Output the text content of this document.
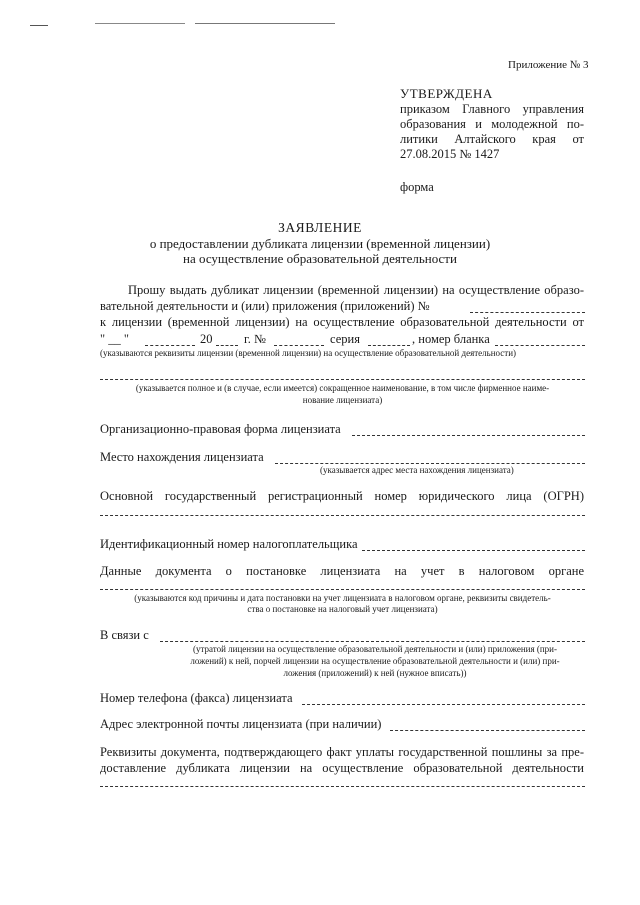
Приложение № 3
УТВЕРЖДЕНА
приказом Главного управления
образования и молодежной по-
литики Алтайского края от
27.08.2015 № 1427
форма
ЗАЯВЛЕНИЕ
о предоставлении дубликата лицензии (временной лицензии)
на осуществление образовательной деятельности
Прошу выдать дубликат лицензии (временной лицензии) на осуществление образо-
вательной деятельности и (или) приложения (приложений) №
к лицензии (временной лицензии) на осуществление образовательной деятельности от
" __ "	20	г. №	серия	, номер бланка
(указываются реквизиты лицензии (временной лицензии) на осуществление образовательной деятельности)
(указывается полное и (в случае, если имеется) сокращенное наименование, в том числе фирменное наиме-
нование лицензиата)
Организационно-правовая форма лицензиата
Место нахождения лицензиата
(указывается адрес места нахождения лицензиата)
Основной государственный регистрационный номер юридического лица (ОГРН)
Идентификационный номер налогоплательщика
Данные документа о постановке лицензиата на учет в налоговом органе
(указываются код причины и дата постановки на учет лицензиата в налоговом органе, реквизиты свидетель-
ства о постановке на налоговый учет лицензиата)
В связи с
(утратой лицензии на осуществление образовательной деятельности и (или) приложения (при-
ложений) к ней, порчей лицензии на осуществление образовательной деятельности и (или) при-
ложения (приложений) к ней (нужное вписать))
Номер телефона (факса) лицензиата
Адрес электронной почты лицензиата (при наличии)
Реквизиты документа, подтверждающего факт уплаты государственной пошлины за пре-
доставление дубликата лицензии на осуществление образовательной деятельности
